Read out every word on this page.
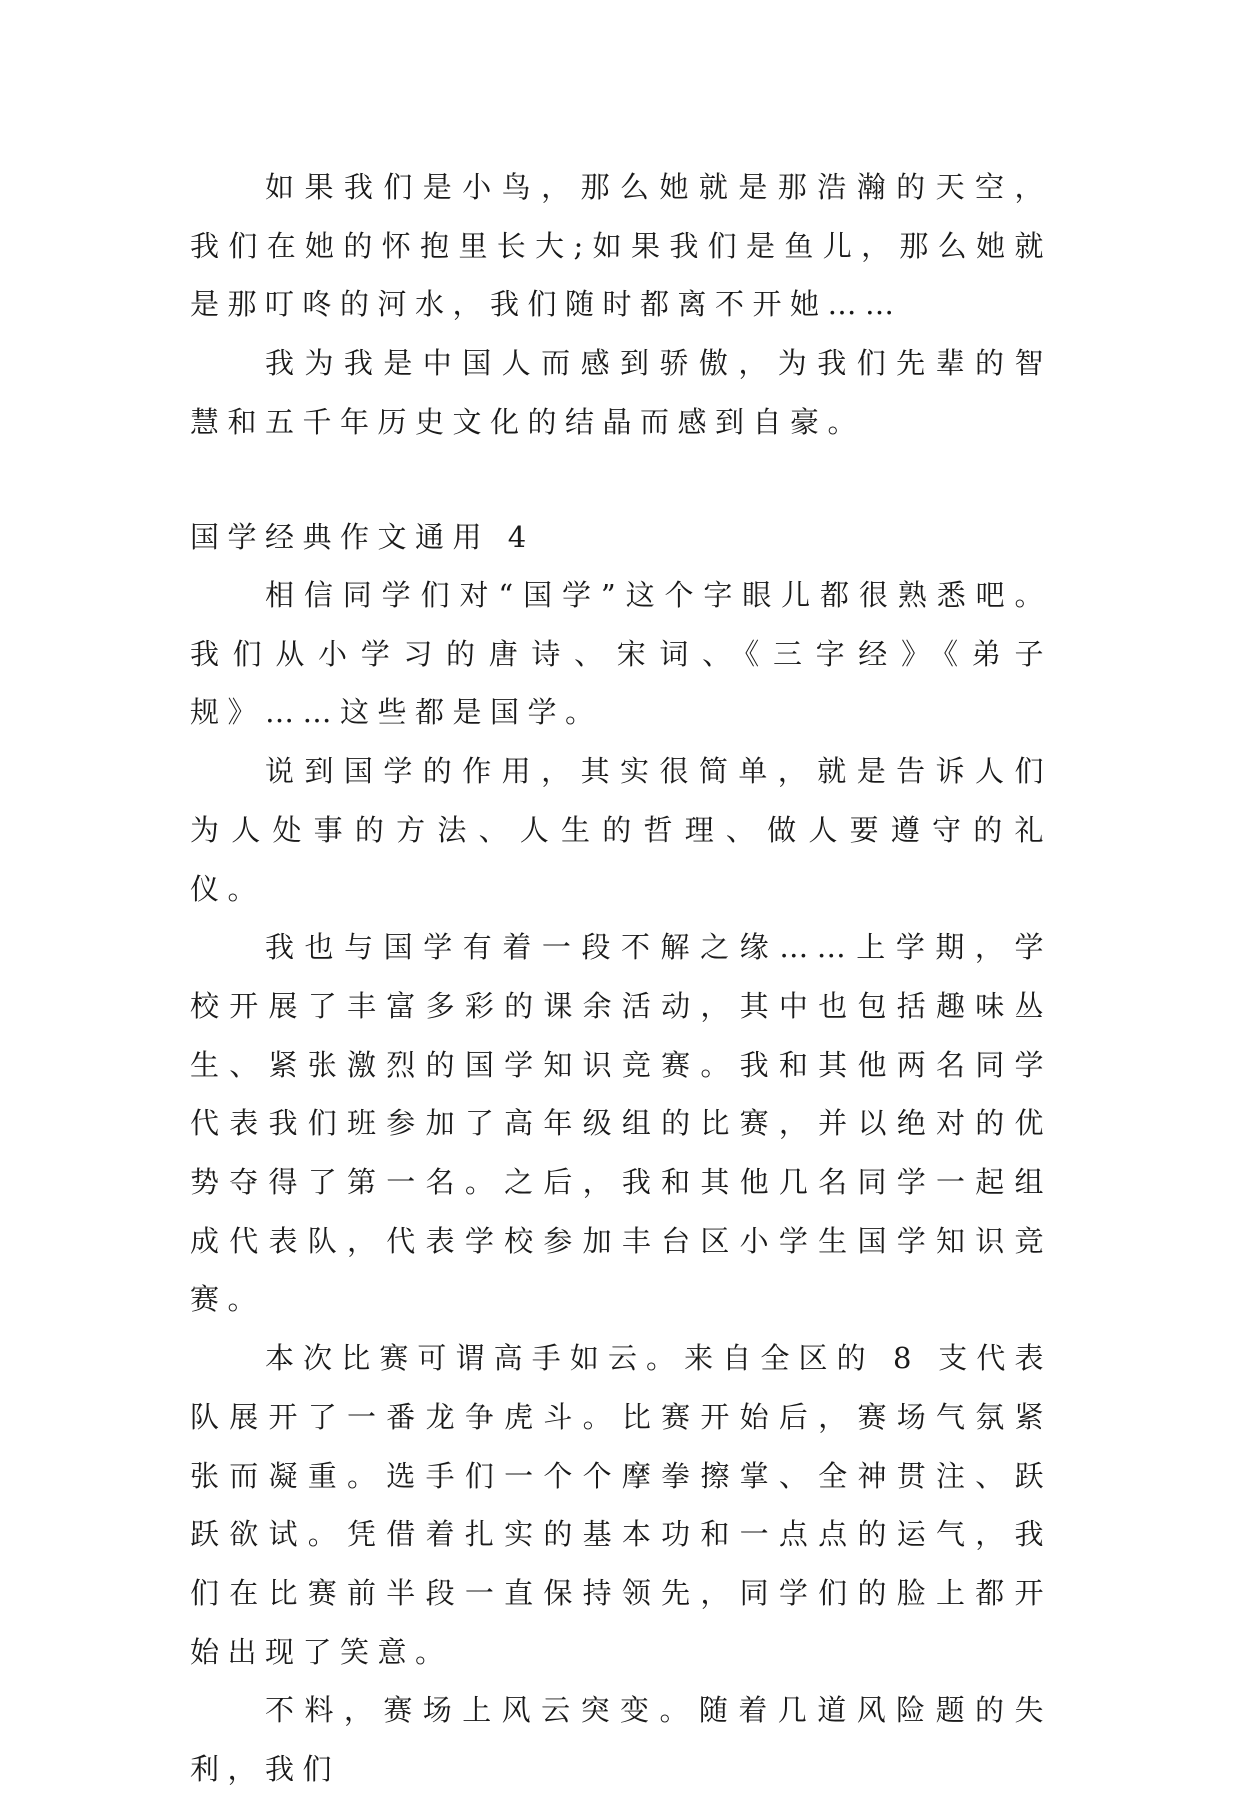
如果我们是小鸟，那么她就是那浩瀚的天空，我们在她的怀抱里长大;如果我们是鱼儿，那么她就是那叮咚的河水，我们随时都离不开她……

我为我是中国人而感到骄傲，为我们先辈的智慧和五千年历史文化的结晶而感到自豪。

国学经典作文通用 4

相信同学们对“国学”这个字眼儿都很熟悉吧。我们从小学习的唐诗、宋词、《三字经》《弟子规》……这些都是国学。

说到国学的作用，其实很简单，就是告诉人们为人处事的方法、人生的哲理、做人要遵守的礼仪。

我也与国学有着一段不解之缘……上学期，学校开展了丰富多彩的课余活动，其中也包括趣味丛生、紧张激烈的国学知识竞赛。我和其他两名同学代表我们班参加了高年级组的比赛，并以绝对的优势夺得了第一名。之后，我和其他几名同学一起组成代表队，代表学校参加丰台区小学生国学知识竞赛。

本次比赛可谓高手如云。来自全区的 8 支代表队展开了一番龙争虎斗。比赛开始后，赛场气氛紧张而凝重。选手们一个个摩拳擦掌、全神贯注、跃跃欲试。凭借着扎实的基本功和一点点的运气，我们在比赛前半段一直保持领先，同学们的脸上都开始出现了笑意。

不料，赛场上风云突变。随着几道风险题的失利，我们
